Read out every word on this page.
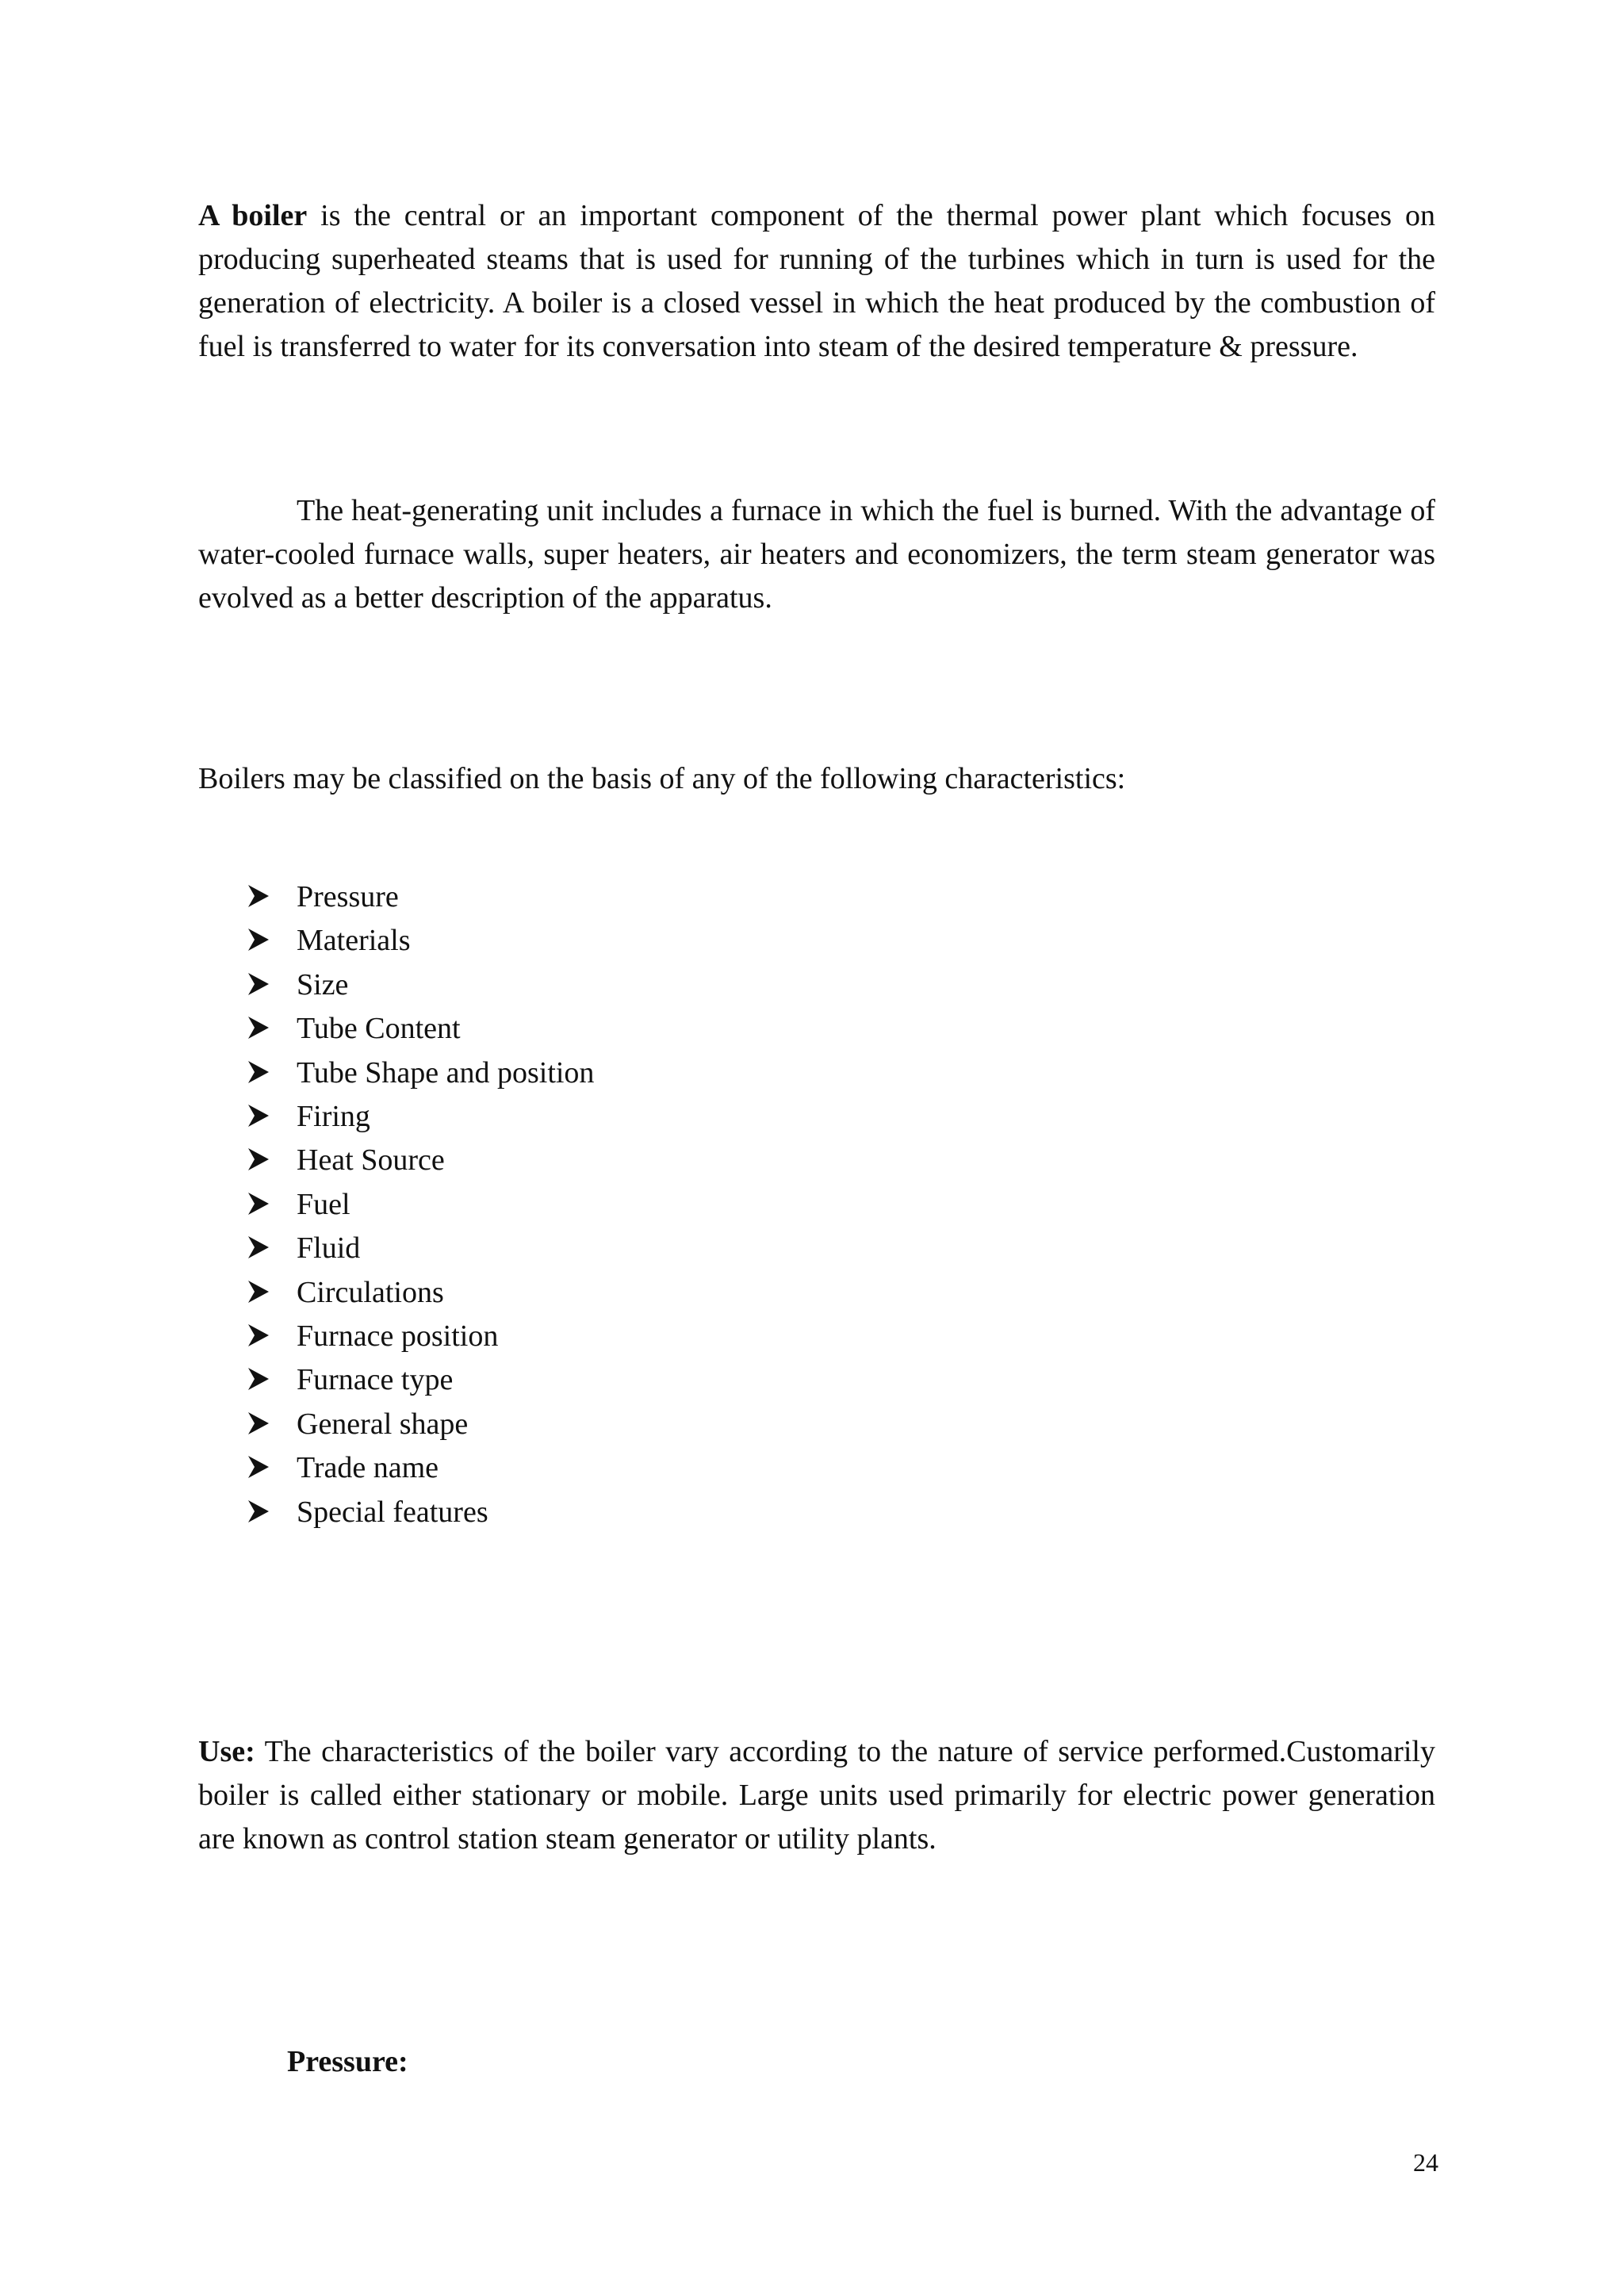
A boiler is the central or an important component of the thermal power plant which focuses on producing superheated steams that is used for running of the turbines which in turn is used for the generation of electricity. A boiler is a closed vessel in which the heat produced by the combustion of fuel is transferred to water for its conversation into steam of the desired temperature & pressure.

The heat-generating unit includes a furnace in which the fuel is burned. With the advantage of water-cooled furnace walls, super heaters, air heaters and economizers, the term steam generator was evolved as a better description of the apparatus.

Boilers may be classified on the basis of any of the following characteristics:

Pressure
Materials
Size
Tube Content
Tube Shape and position
Firing
Heat Source
Fuel
Fluid
Circulations
Furnace position
Furnace type
General shape
Trade name
Special features

Use: The characteristics of the boiler vary according to the nature of service performed.Customarily boiler is called either stationary or mobile. Large units used primarily for electric power generation are known as control station steam generator or utility plants.

Pressure:
24
